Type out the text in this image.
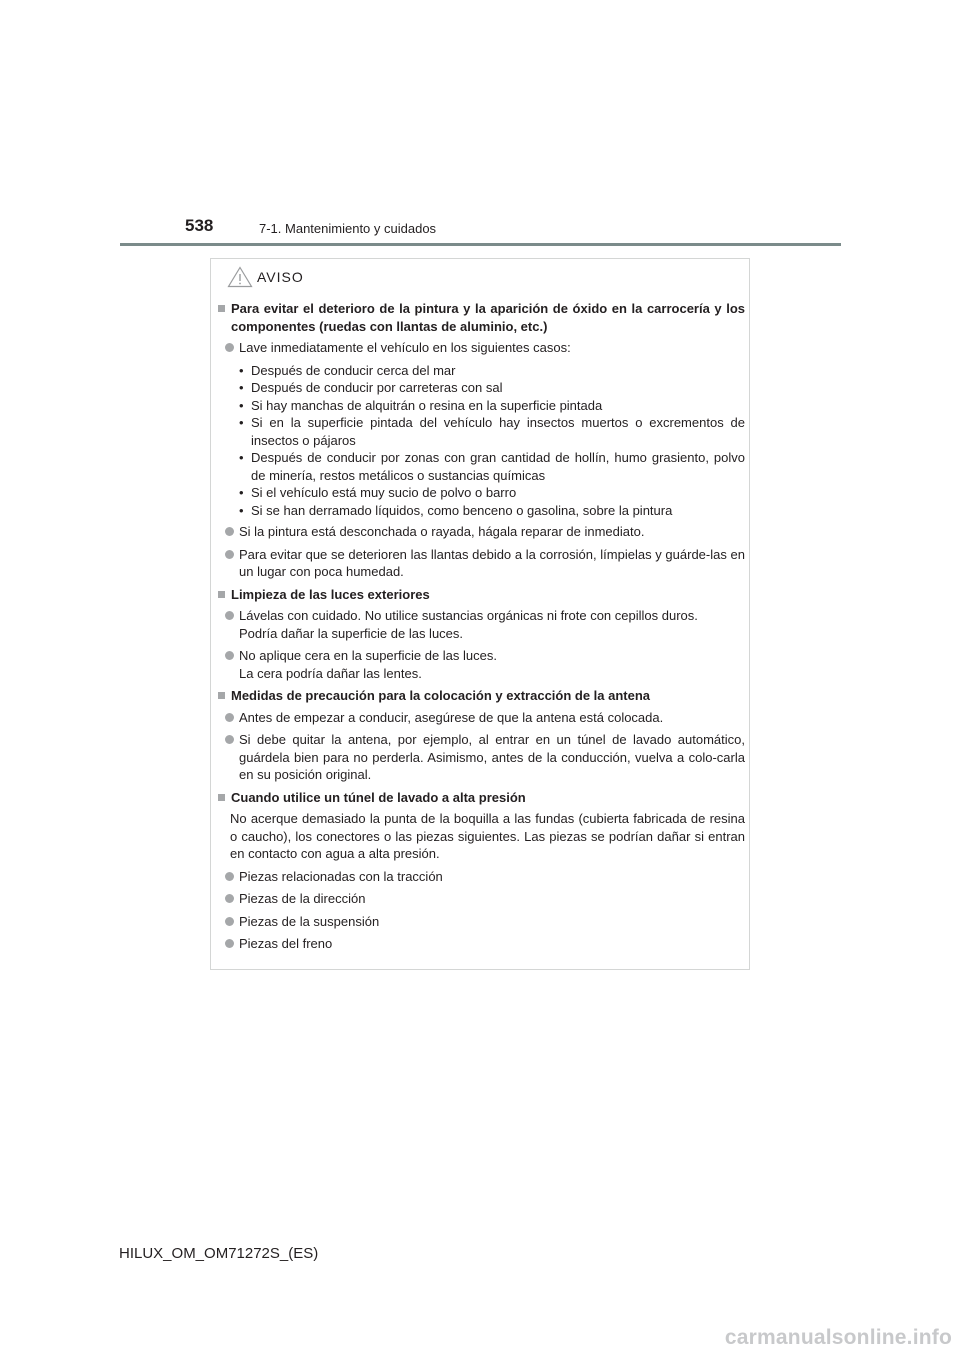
538	7-1. Mantenimiento y cuidados
AVISO
Para evitar el deterioro de la pintura y la aparición de óxido en la carrocería y los componentes (ruedas con llantas de aluminio, etc.)
Lave inmediatamente el vehículo en los siguientes casos:
• Después de conducir cerca del mar
• Después de conducir por carreteras con sal
• Si hay manchas de alquitrán o resina en la superficie pintada
• Si en la superficie pintada del vehículo hay insectos muertos o excrementos de insectos o pájaros
• Después de conducir por zonas con gran cantidad de hollín, humo grasiento, polvo de minería, restos metálicos o sustancias químicas
• Si el vehículo está muy sucio de polvo o barro
• Si se han derramado líquidos, como benceno o gasolina, sobre la pintura
Si la pintura está desconchada o rayada, hágala reparar de inmediato.
Para evitar que se deterioren las llantas debido a la corrosión, límpielas y guárde-las en un lugar con poca humedad.
Limpieza de las luces exteriores
Lávelas con cuidado. No utilice sustancias orgánicas ni frote con cepillos duros.
Podría dañar la superficie de las luces.
No aplique cera en la superficie de las luces.
La cera podría dañar las lentes.
Medidas de precaución para la colocación y extracción de la antena
Antes de empezar a conducir, asegúrese de que la antena está colocada.
Si debe quitar la antena, por ejemplo, al entrar en un túnel de lavado automático, guárdela bien para no perderla. Asimismo, antes de la conducción, vuelva a colo-carla en su posición original.
Cuando utilice un túnel de lavado a alta presión
No acerque demasiado la punta de la boquilla a las fundas (cubierta fabricada de resina o caucho), los conectores o las piezas siguientes. Las piezas se podrían dañar si entran en contacto con agua a alta presión.
Piezas relacionadas con la tracción
Piezas de la dirección
Piezas de la suspensión
Piezas del freno
HILUX_OM_OM71272S_(ES)
carmanualsonline.info
